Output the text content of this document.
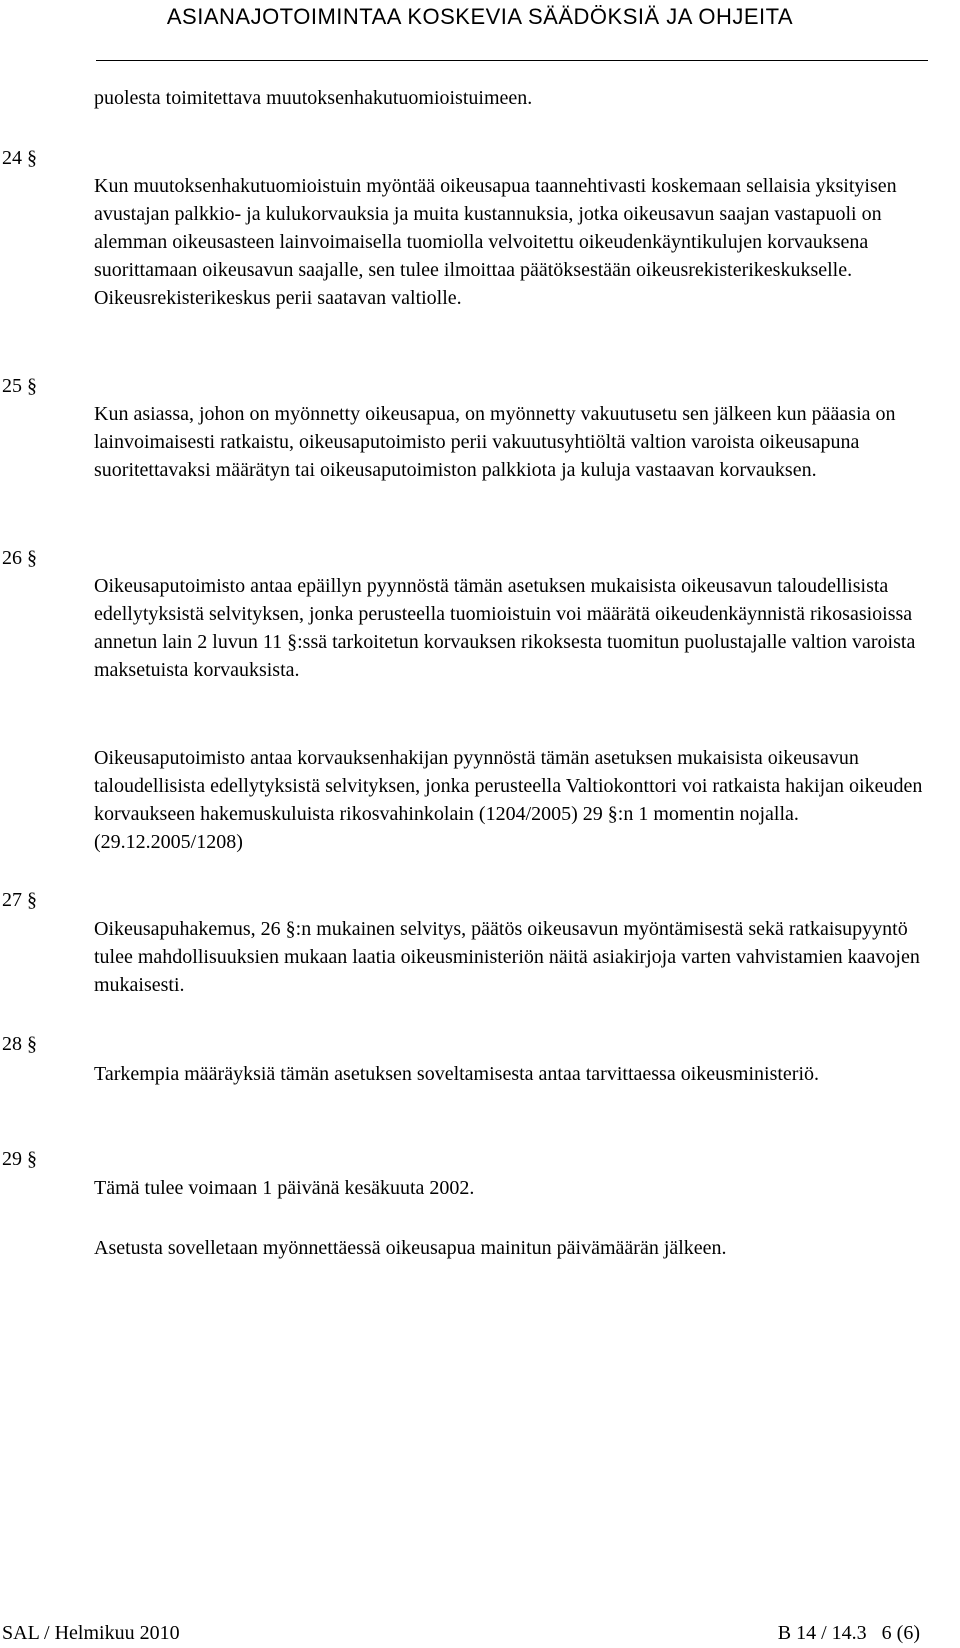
ASIANAJOTOIMINTAA KOSKEVIA SÄÄDÖKSIÄ JA OHJEITA

puolesta toimitettava muutoksenhakutuomioistuimeen.

24 §

Kun muutoksenhakutuomioistuin myöntää oikeusapua taannehtivasti koskemaan sellaisia yksityisen avustajan palkkio- ja kulukorvauksia ja muita kustannuksia, jotka oikeusavun saajan vastapuoli on alemman oikeusasteen lainvoimaisella tuomiolla velvoitettu oikeudenkäyntikulujen korvauksena suorittamaan oikeusavun saajalle, sen tulee ilmoittaa päätöksestään oikeusrekisterikeskukselle. Oikeusrekisterikeskus perii saatavan valtiolle.

25 §

Kun asiassa, johon on myönnetty oikeusapua, on myönnetty vakuutusetu sen jälkeen kun pääasia on lainvoimaisesti ratkaistu, oikeusaputoimisto perii vakuutusyhtiöltä valtion varoista oikeusapuna suoritettavaksi määrätyn tai oikeusaputoimiston palkkiota ja kuluja vastaavan korvauksen.

26 §

Oikeusaputoimisto antaa epäillyn pyynnöstä tämän asetuksen mukaisista oikeusavun taloudellisista edellytyksistä selvityksen, jonka perusteella tuomioistuin voi määrätä oikeudenkäynnistä rikosasioissa annetun lain 2 luvun 11 §:ssä tarkoitetun korvauksen rikoksesta tuomitun puolustajalle valtion varoista maksetuista korvauksista.

Oikeusaputoimisto antaa korvauksenhakijan pyynnöstä tämän asetuksen mukaisista oikeusavun taloudellisista edellytyksistä selvityksen, jonka perusteella Valtiokonttori voi ratkaista hakijan oikeuden korvaukseen hakemuskuluista rikosvahinkolain (1204/2005) 29 §:n 1 momentin nojalla. (29.12.2005/1208)

27 §

Oikeusapuhakemus, 26 §:n mukainen selvitys, päätös oikeusavun myöntämisestä sekä ratkaisupyyntö tulee mahdollisuuksien mukaan laatia oikeusministeriön näitä asiakirjoja varten vahvistamien kaavojen mukaisesti.

28 §

Tarkempia määräyksiä tämän asetuksen soveltamisesta antaa tarvittaessa oikeusministeriö.

29 §

Tämä tulee voimaan 1 päivänä kesäkuuta 2002.

Asetusta sovelletaan myönnettäessä oikeusapua mainitun päivämäärän jälkeen.

SAL / Helmikuu 2010	B 14 / 14.3   6 (6)
